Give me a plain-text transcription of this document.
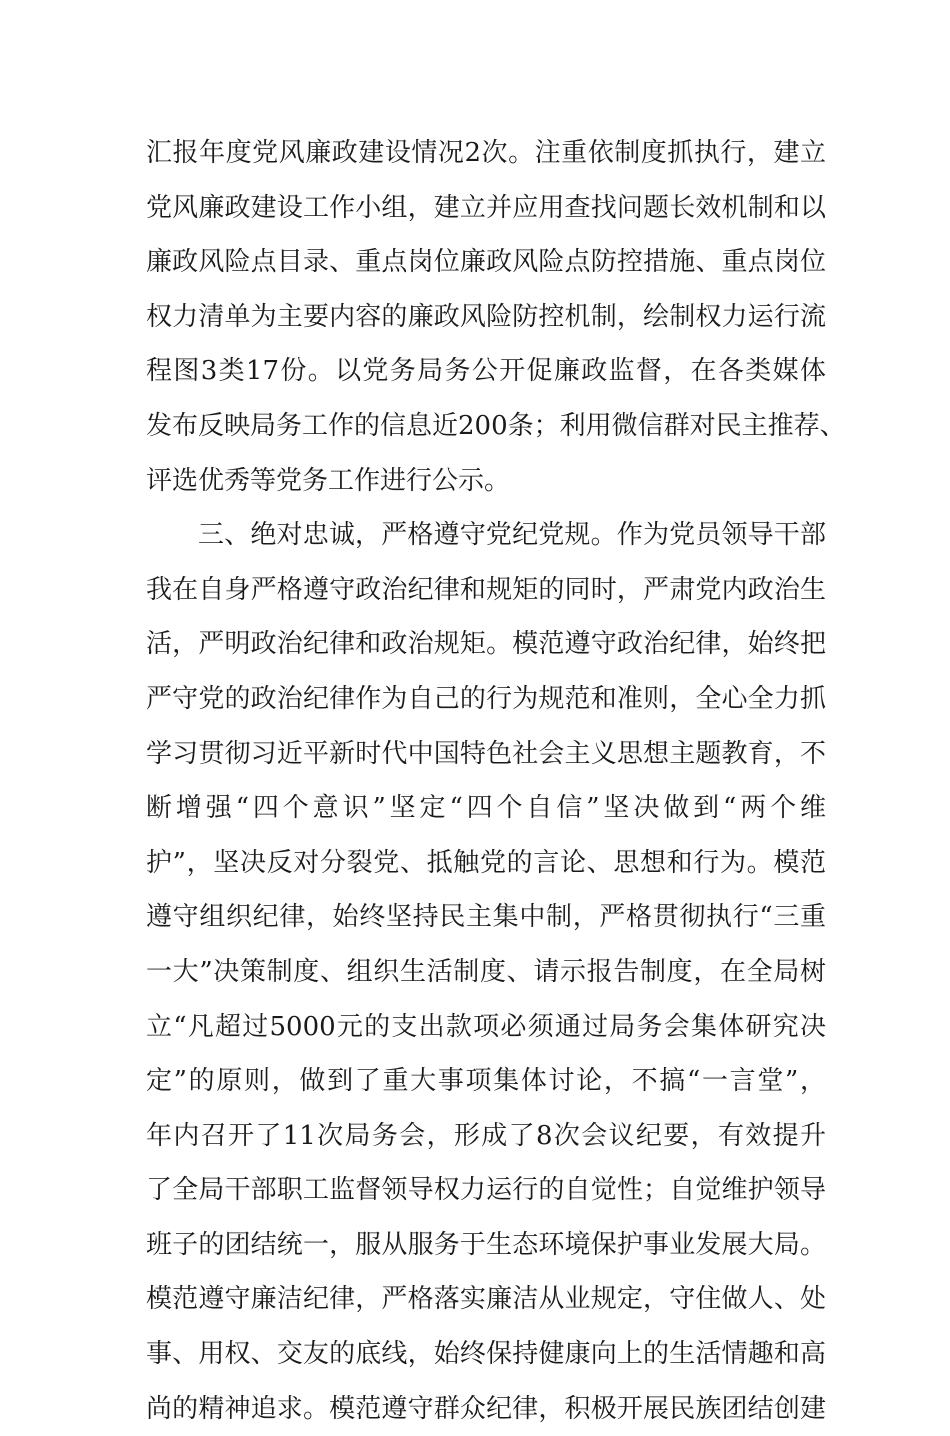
汇报年度党风廉政建设情况2次。注重依制度抓执行，建立
党风廉政建设工作小组，建立并应用查找问题长效机制和以
廉政风险点目录、重点岗位廉政风险点防控措施、重点岗位
权力清单为主要内容的廉政风险防控机制，绘制权力运行流
程图3类17份。以党务局务公开促廉政监督，在各类媒体
发布反映局务工作的信息近200条；利用微信群对民主推荐、
评选优秀等党务工作进行公示。
三、绝对忠诚，严格遵守党纪党规。作为党员领导干部
我在自身严格遵守政治纪律和规矩的同时，严肃党内政治生
活，严明政治纪律和政治规矩。模范遵守政治纪律，始终把
严守党的政治纪律作为自己的行为规范和准则，全心全力抓
学习贯彻习近平新时代中国特色社会主义思想主题教育，不
断增强“四个意识”坚定“四个自信”坚决做到“两个维
护”，坚决反对分裂党、抵触党的言论、思想和行为。模范
遵守组织纪律，始终坚持民主集中制，严格贯彻执行“三重
一大”决策制度、组织生活制度、请示报告制度，在全局树
立“凡超过5000元的支出款项必须通过局务会集体研究决
定”的原则，做到了重大事项集体讨论，不搞“一言堂”，
年内召开了11次局务会，形成了8次会议纪要，有效提升
了全局干部职工监督领导权力运行的自觉性；自觉维护领导
班子的团结统一，服从服务于生态环境保护事业发展大局。
模范遵守廉洁纪律，严格落实廉洁从业规定，守住做人、处
事、用权、交友的底线，始终保持健康向上的生活情趣和高
尚的精神追求。模范遵守群众纪律，积极开展民族团结创建
